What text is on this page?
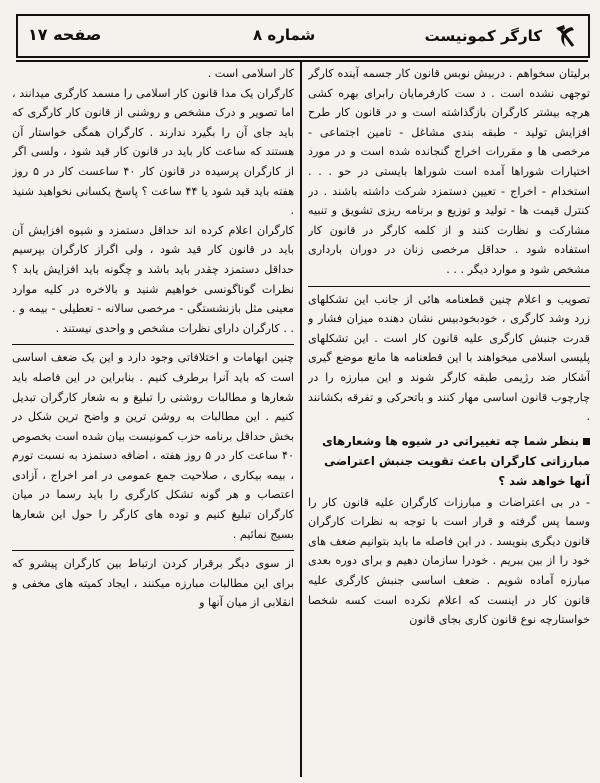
کارگر کمونیست
شماره ۸
صفحه ۱۷

برلیتان سخواهم . دربیش نوبس قانون کار جسمه آینده کارگر توجهی نشده است . د ست کارفرمایان رابرای بهره کشی هرچه بیشتر کارگران بازگذاشته است و در قانون کار طرح افزایش تولید - طبقه بندی مشاغل - تامین اجتماعی - مرخصی ها و مقررات اخراج گنجانده شده است و در مورد اختیارات شوراها آمده است شوراها بایستی در حو . . . استخدام - اخراج - تعیین دستمزد شرکت داشته باشند . در کنترل قیمت ها - تولید و توزیع و برنامه ریزی تشویق و تنبیه مشارکت و نظارت کنند و از کلمه کارگر در قانون کار استفاده شود . حداقل مرخصی زنان در دوران بارداری مشخص شود و موارد دیگر . . .

تصویب و اعلام چنین قطعنامه هائی از جانب این تشکلهای زرد وشد کارگری ، خودبخودبیس نشان دهنده میزان فشار و قدرت جنبش کارگری علیه قانون کار است . این تشکلهای پلیسی اسلامی میخواهند با این قطعنامه ها مانع موضع گیری آشکار ضد رژیمی طبقه کارگر شوند و این مبارزه را در چارچوب قانون اساسی مهار کنند و باتحرکی و تفرقه بکشانند .

بنظر شما چه تغییراتی در شیوه ها وشعارهای
مبارزاتی کارگران باعث تقویت جنبش اعتراضی
آنها خواهد شد ؟

- در بی اعتراضات و مبارزات کارگران علیه قانون کار را وسما پس گرفته و قرار است با توجه به نظرات کارگران قانون دیگری بنویسد . در این فاصله ما باید بتوانیم ضعف های خود را از بین ببریم . خودرا سازمان دهیم و برای دوره بعدی مبارزه آماده شویم . ضعف اساسی جنبش کارگری علیه قانون کار در اینست که اعلام نکرده است کسه شخصا خواستارچه نوع قانون کاری بجای قانون

کار اسلامی است .

کارگران یک مدا قانون کار اسلامی را مسمد کارگری میدانند ، اما تصویر و درک مشخص و روشنی از قانون کار کارگری که باید جای آن را بگیرد ندارند . کارگران همگی خواستار آن هستند که ساعت کار باید در قانون کار قید شود ، ولسی اگر از کارگران پرسیده در قانون کار ۴۰ ساعست کار در ۵ روز هفته باید قید شود یا ۴۴ ساعت ؟ پاسخ یکسانی نخواهید شنید .

کارگران اعلام کرده اند حداقل دستمزد و شیوه افزایش آن باید در قانون کار قید شود ، ولی اگراز کارگران بپرسیم حداقل دستمزد چقدر باید باشد و چگونه باید افزایش یابد ؟ نظرات گوناگونسی خواهیم شنید و بالاخره در کلیه موارد معینی مثل بازنشستگی - مرخصی سالانه - تعطیلی - بیمه و . . . کارگران دارای نظرات مشخص و واحدی نیستند .

چنین ابهامات و اختلافاتی وجود دارد و این یک ضعف اساسی است که باید آنرا برطرف کنیم . بنابراین در این فاصله باید شعارها و مطالبات روشنی را تبلیغ و به شعار کارگران تبدیل کنیم . این مطالبات به روشن ترین و واضح ترین شکل در بخش حداقل برنامه حزب کمونیست بیان شده است بخصوص ۴۰ ساعت کار در ۵ روز هفته ، اضافه دستمزد به نسبت تورم ، بیمه بیکاری ، صلاحیت جمع عمومی در امر اخراج ، آزادی اعتصاب و هر گونه تشکل کارگری را باید رسما در میان کارگران تبلیغ کنیم و توده های کارگر را حول این شعارها بسیج نمائیم .

از سوی دیگر برقرار کردن ارتباط بین کارگران پیشرو که برای این مطالبات مبارزه میکنند ، ایجاد کمیته های مخفی و انقلابی از میان آنها و
